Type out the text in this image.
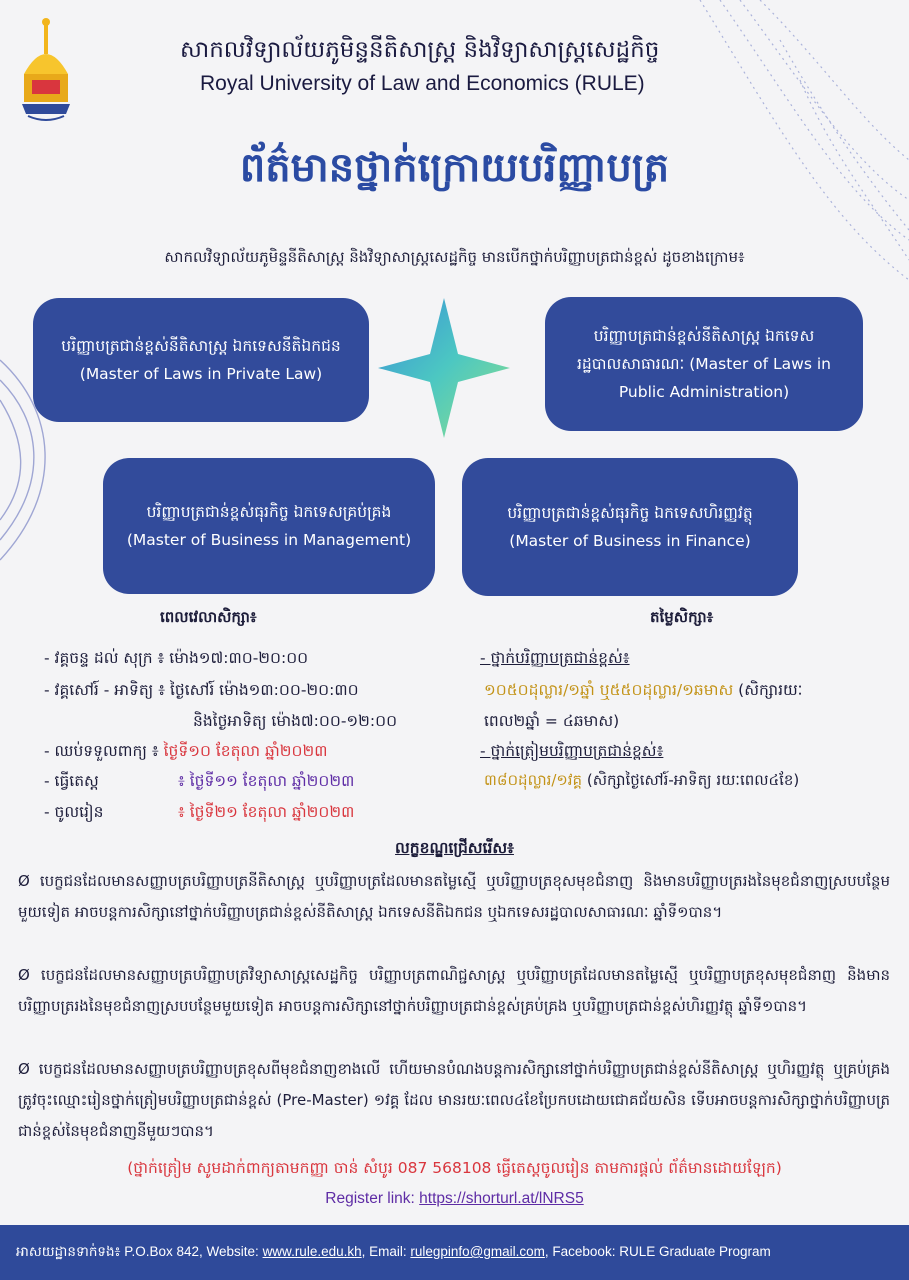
សាកលវិទ្យាល័យភូមិន្ទនីតិសាស្ត្រ និងវិទ្យាសាស្ត្រសេដ្ឋកិច្ច
Royal University of Law and Economics (RULE)
ព័ត៌មានថ្នាក់ក្រោយបរិញ្ញាបត្រ
សាកលវិទ្យាល័យភូមិន្ទនីតិសាស្ត្រ និងវិទ្យាសាស្ត្រសេដ្ឋកិច្ច មានបើកថ្នាក់បរិញ្ញាបត្រជាន់ខ្ពស់ ដូចខាងក្រោម៖
បរិញ្ញាបត្រជាន់ខ្ពស់នីតិសាស្ត្រ ឯកទេសនីតិឯកជន (Master of Laws in Private Law)
បរិញ្ញាបត្រជាន់ខ្ពស់នីតិសាស្ត្រ ឯកទេសរដ្ឋបាលសាធារណៈ (Master of Laws in Public Administration)
បរិញ្ញាបត្រជាន់ខ្ពស់ធុរកិច្ច ឯកទេសគ្រប់គ្រង
(Master of Business in Management)
បរិញ្ញាបត្រជាន់ខ្ពស់ធុរកិច្ច ឯកទេសហិរញ្ញវត្ថុ
(Master of Business in Finance)
ពេលវេលាសិក្សា៖
- វគ្គចន្ទ ដល់ សុក្រ ៖ ម៉ោង១៧:៣០-២០:០០
- វគ្គសៅរ៍ - អាទិត្យ ៖ ថ្ងៃសៅរ៍ ម៉ោង១៣:០០-២០:៣០
និងថ្ងៃអាទិត្យ ម៉ោង៧:០០-១២:០០
- ឈប់ទទួលពាក្យ ៖ ថ្ងៃទី១០ ខែតុលា ឆ្នាំ២០២៣
- ធ្វើតេស្ត	៖ ថ្ងៃទី១១ ខែតុលា ឆ្នាំ២០២៣
- ចូលរៀន	៖ ថ្ងៃទី២១ ខែតុលា ឆ្នាំ២០២៣
តម្លៃសិក្សា៖
- ថ្នាក់បរិញ្ញាបត្រជាន់ខ្ពស់៖
១០៥០ដុល្លារ/១ឆ្នាំ ឬ៥៥០ដុល្លារ/១ឆមាស (សិក្សារយៈ
ពេល២ឆ្នាំ = ៤ឆមាស)
- ថ្នាក់ត្រៀមបរិញ្ញាបត្រជាន់ខ្ពស់៖
៣៨០ដុល្លារ/១វគ្គ (សិក្សាថ្ងៃសៅរ៍-អាទិត្យ រយៈពេល៤ខែ)
លក្ខខណ្ឌជ្រើសរើស៖
Ø បេក្ខជនដែលមានសញ្ញាបត្របរិញ្ញាបត្រនីតិសាស្ត្រ ឬបរិញ្ញាបត្រដែលមានតម្លៃស្មើ ឬបរិញ្ញាបត្រខុសមុខជំនាញ និងមានបរិញ្ញាបត្ររងនៃមុខជំនាញស្របបន្ថែមមួយទៀត អាចបន្តការសិក្សានៅថ្នាក់បរិញ្ញាបត្រជាន់ខ្ពស់នីតិសាស្ត្រ ឯកទេសនីតិឯកជន ឬឯកទេសរដ្ឋបាលសាធារណៈ ឆ្នាំទី១បាន។
Ø បេក្ខជនដែលមានសញ្ញាបត្របរិញ្ញាបត្រវិទ្យាសាស្ត្រសេដ្ឋកិច្ច បរិញ្ញាបត្រពាណិជ្ជសាស្ត្រ ឬបរិញ្ញាបត្រដែលមានតម្លៃស្មើ ឬបរិញ្ញាបត្រខុសមុខជំនាញ និងមានបរិញ្ញាបត្ររងនៃមុខជំនាញស្របបន្ថែមមួយទៀត អាចបន្តការសិក្សានៅថ្នាក់បរិញ្ញាបត្រជាន់ខ្ពស់គ្រប់គ្រង ឬបរិញ្ញាបត្រជាន់ខ្ពស់ហិរញ្ញវត្ថុ ឆ្នាំទី១បាន។
Ø បេក្ខជនដែលមានសញ្ញាបត្របរិញ្ញាបត្រខុសពីមុខជំនាញខាងលើ ហើយមានបំណងបន្តការសិក្សានៅថ្នាក់បរិញ្ញាបត្រជាន់ខ្ពស់នីតិសាស្ត្រ ឬហិរញ្ញវត្ថុ ឬគ្រប់គ្រង ត្រូវចុះឈ្មោះរៀនថ្នាក់ត្រៀមបរិញ្ញាបត្រជាន់ខ្ពស់ (Pre-Master) ១វគ្គ ដែល មានរយៈពេល៤ខែប្រែកបដោយជោគជ័យសិន ទើបអាចបន្តការសិក្សាថ្នាក់បរិញ្ញាបត្រជាន់ខ្ពស់នៃមុខជំនាញនីមួយៗបាន។
(ថ្នាក់ត្រៀម សូមដាក់ពាក្យតាមកញ្ញា ចាន់ សំបូរ 087 568108 ធ្វើតេស្តចូលរៀន តាមការផ្ដល់ ព័ត៌មានដោយឡែក)
Register link: https://shorturl.at/lNRS5
អាសយដ្ឋានទាក់ទង៖ P.O.Box 842, Website: www.rule.edu.kh, Email: rulegpinfo@gmail.com, Facebook: RULE Graduate Program
